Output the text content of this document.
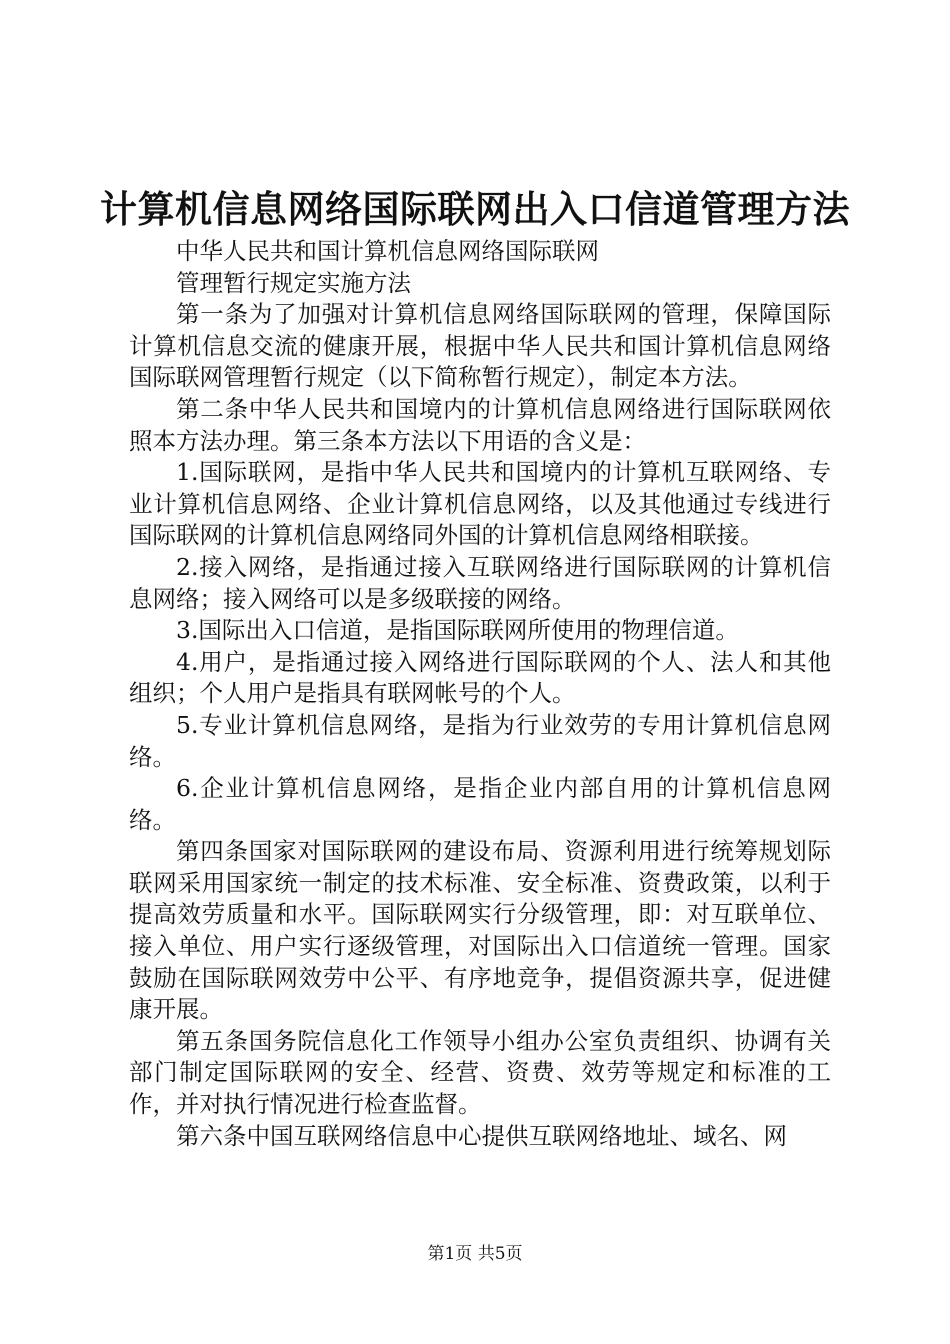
计算机信息网络国际联网出入口信道管理方法

中华人民共和国计算机信息网络国际联网

管理暂行规定实施方法

第一条为了加强对计算机信息网络国际联网的管理，保障国际计算机信息交流的健康开展，根据中华人民共和国计算机信息网络国际联网管理暂行规定（以下简称暂行规定），制定本方法。

第二条中华人民共和国境内的计算机信息网络进行国际联网依照本方法办理。第三条本方法以下用语的含义是：

1.国际联网，是指中华人民共和国境内的计算机互联网络、专业计算机信息网络、企业计算机信息网络，以及其他通过专线进行国际联网的计算机信息网络同外国的计算机信息网络相联接。

2.接入网络，是指通过接入互联网络进行国际联网的计算机信息网络；接入网络可以是多级联接的网络。

3.国际出入口信道，是指国际联网所使用的物理信道。

4.用户，是指通过接入网络进行国际联网的个人、法人和其他组织；个人用户是指具有联网帐号的个人。

5.专业计算机信息网络，是指为行业效劳的专用计算机信息网络。

6.企业计算机信息网络，是指企业内部自用的计算机信息网络。

第四条国家对国际联网的建设布局、资源利用进行统筹规划际联网采用国家统一制定的技术标准、安全标准、资费政策，以利于提高效劳质量和水平。国际联网实行分级管理，即：对互联单位、接入单位、用户实行逐级管理，对国际出入口信道统一管理。国家鼓励在国际联网效劳中公平、有序地竞争，提倡资源共享，促进健康开展。

第五条国务院信息化工作领导小组办公室负责组织、协调有关部门制定国际联网的安全、经营、资费、效劳等规定和标准的工作，并对执行情况进行检查监督。

第六条中国互联网络信息中心提供互联网络地址、域名、网

第1页 共5页
